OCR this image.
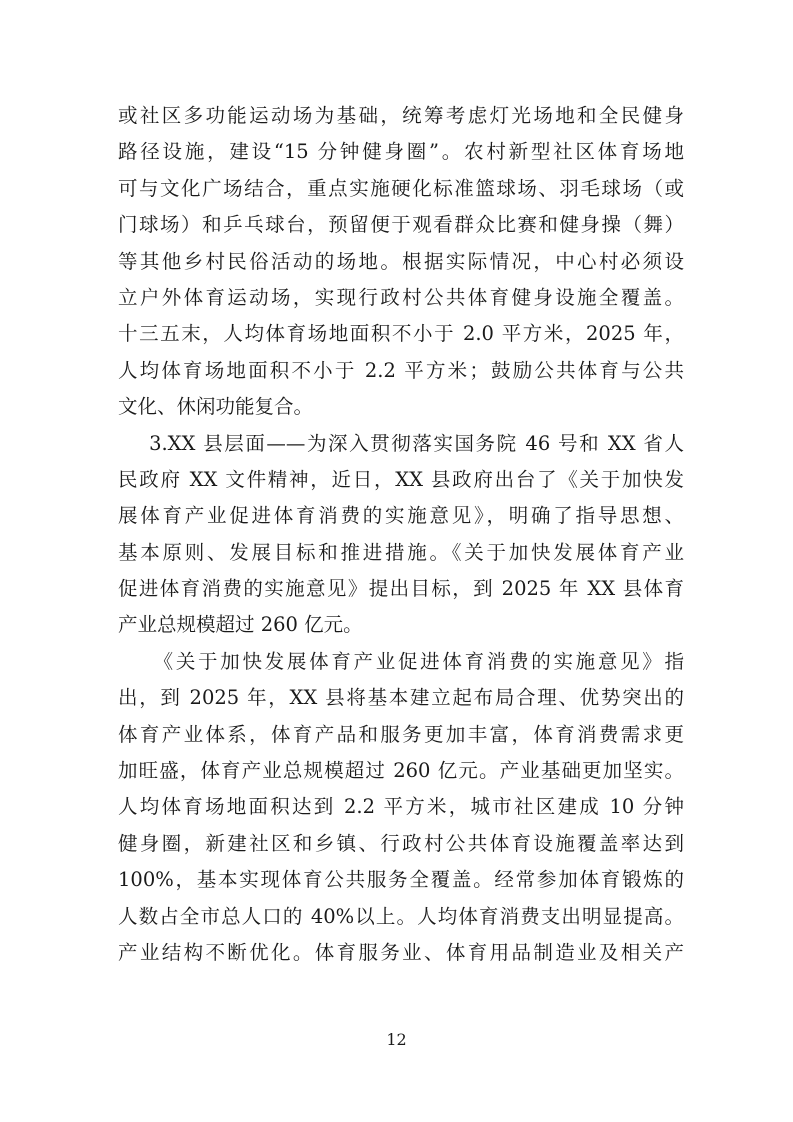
或社区多功能运动场为基础，统筹考虑灯光场地和全民健身
路径设施，建设“15 分钟健身圈”。农村新型社区体育场地
可与文化广场结合，重点实施硬化标准篮球场、羽毛球场（或
门球场）和乒乓球台，预留便于观看群众比赛和健身操（舞）
等其他乡村民俗活动的场地。根据实际情况，中心村必须设
立户外体育运动场，实现行政村公共体育健身设施全覆盖。
十三五末，人均体育场地面积不小于 2.0 平方米，2025 年，
人均体育场地面积不小于 2.2 平方米；鼓励公共体育与公共
文化、休闲功能复合。
3.XX 县层面——为深入贯彻落实国务院 46 号和 XX 省人
民政府 XX 文件精神，近日，XX 县政府出台了《关于加快发
展体育产业促进体育消费的实施意见》，明确了指导思想、
基本原则、发展目标和推进措施。《关于加快发展体育产业
促进体育消费的实施意见》提出目标，到 2025 年 XX 县体育
产业总规模超过 260 亿元。
《关于加快发展体育产业促进体育消费的实施意见》指
出，到 2025 年，XX 县将基本建立起布局合理、优势突出的
体育产业体系，体育产品和服务更加丰富，体育消费需求更
加旺盛，体育产业总规模超过 260 亿元。产业基础更加坚实。
人均体育场地面积达到 2.2 平方米，城市社区建成 10 分钟
健身圈，新建社区和乡镇、行政村公共体育设施覆盖率达到
100%，基本实现体育公共服务全覆盖。经常参加体育锻炼的
人数占全市总人口的 40%以上。人均体育消费支出明显提高。
产业结构不断优化。体育服务业、体育用品制造业及相关产
12
